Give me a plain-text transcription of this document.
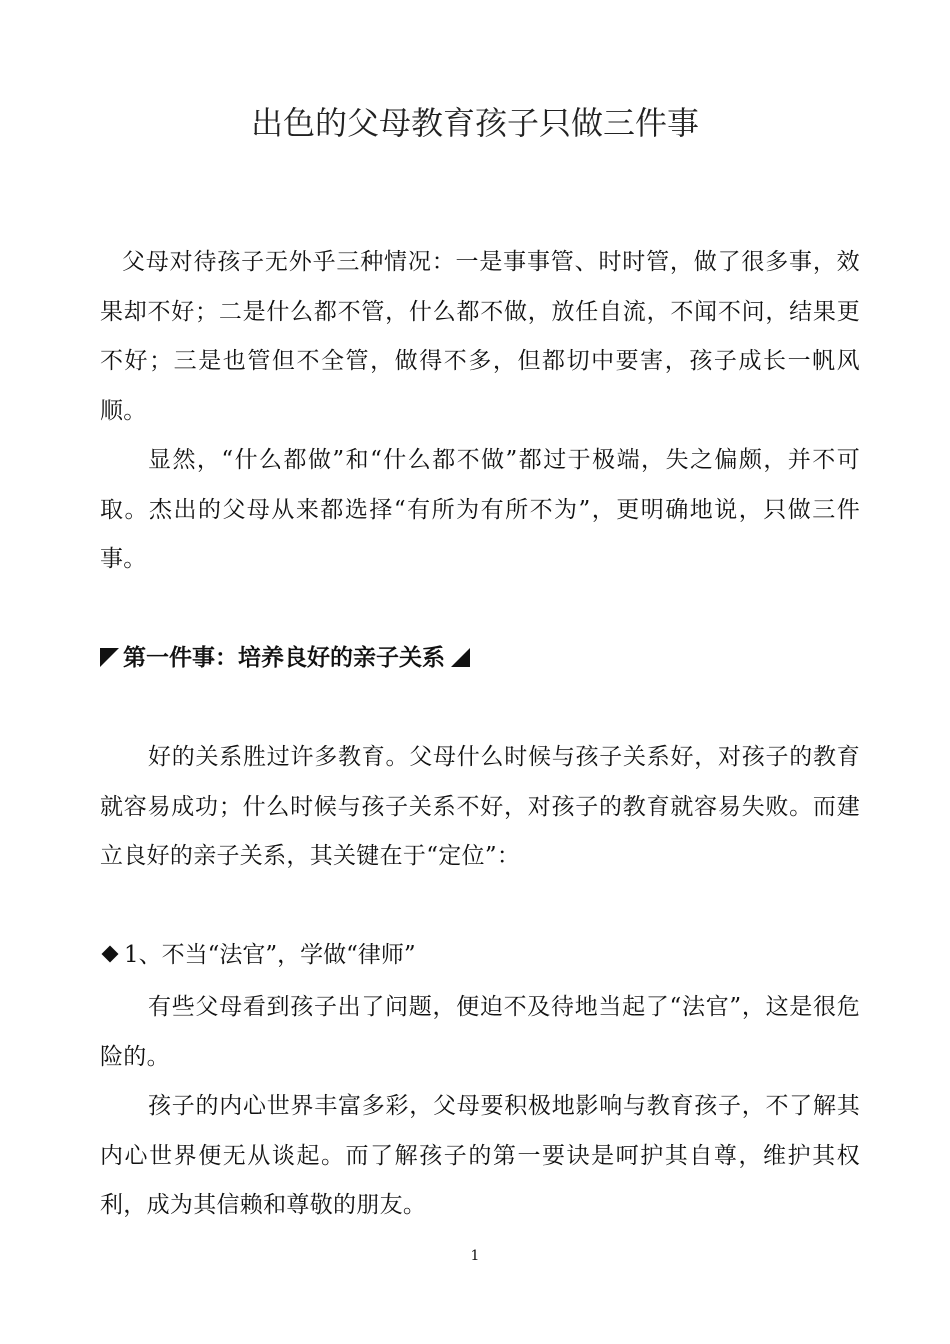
出色的父母教育孩子只做三件事

父母对待孩子无外乎三种情况：一是事事管、时时管，做了很多事，效果却不好；二是什么都不管，什么都不做，放任自流，不闻不问，结果更不好；三是也管但不全管，做得不多，但都切中要害，孩子成长一帆风顺。

显然，“什么都做”和“什么都不做”都过于极端，失之偏颇，并不可取。杰出的父母从来都选择“有所为有所不为”，更明确地说，只做三件事。

第一件事：培养良好的亲子关系

好的关系胜过许多教育。父母什么时候与孩子关系好，对孩子的教育就容易成功；什么时候与孩子关系不好，对孩子的教育就容易失败。而建立良好的亲子关系，其关键在于“定位”：

1、不当“法官”，学做“律师”

有些父母看到孩子出了问题，便迫不及待地当起了“法官”，这是很危险的。

孩子的内心世界丰富多彩，父母要积极地影响与教育孩子，不了解其内心世界便无从谈起。而了解孩子的第一要诀是呵护其自尊，维护其权利，成为其信赖和尊敬的朋友。

1
